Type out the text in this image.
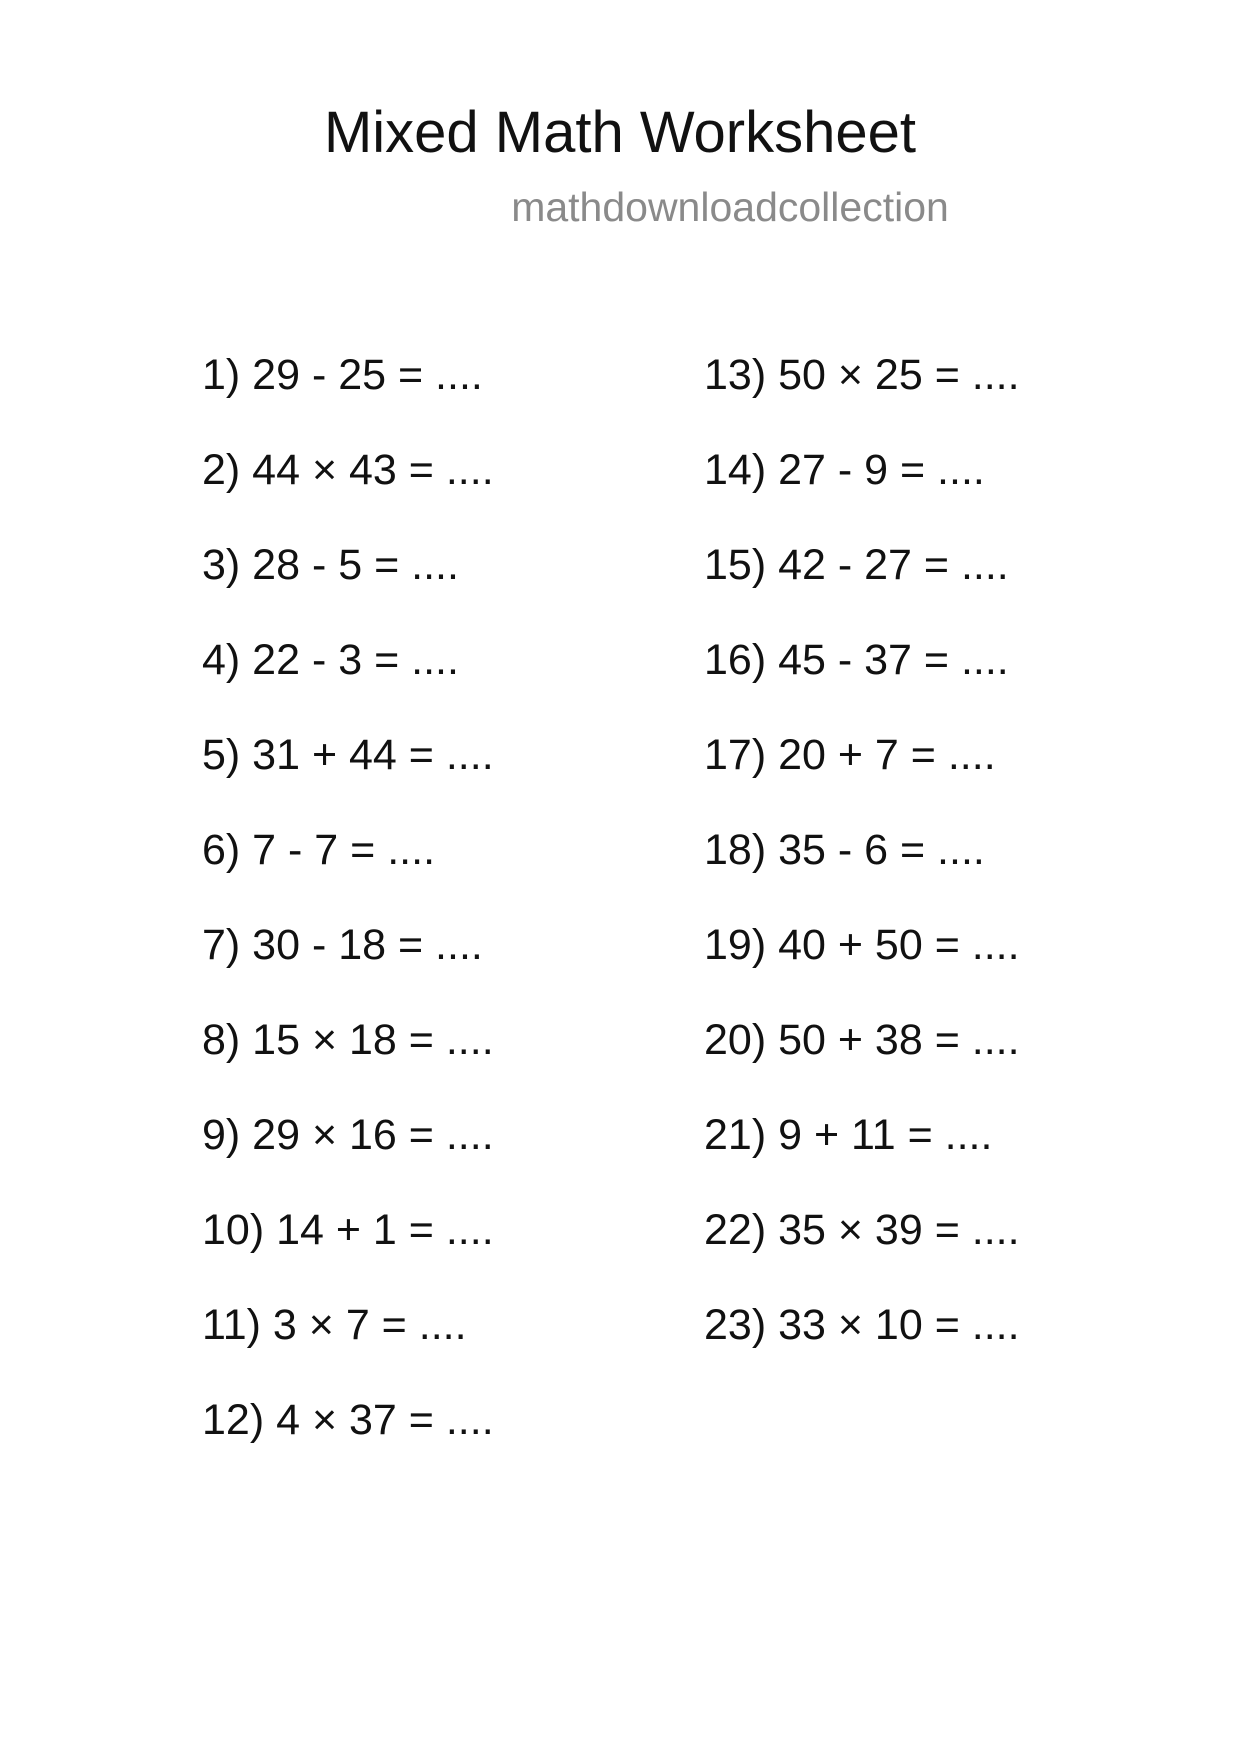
Mixed Math Worksheet
mathdownloadcollection
1) 29 - 25 = ....
2) 44 × 43 = ....
3) 28 - 5 = ....
4) 22 - 3 = ....
5) 31 + 44 = ....
6) 7 - 7 = ....
7) 30 - 18 = ....
8) 15 × 18 = ....
9) 29 × 16 = ....
10) 14 + 1 = ....
11) 3 × 7 = ....
12) 4 × 37 = ....
13) 50 × 25 = ....
14) 27 - 9 = ....
15) 42 - 27 = ....
16) 45 - 37 = ....
17) 20 + 7 = ....
18) 35 - 6 = ....
19) 40 + 50 = ....
20) 50 + 38 = ....
21) 9 + 11 = ....
22) 35 × 39 = ....
23) 33 × 10 = ....
